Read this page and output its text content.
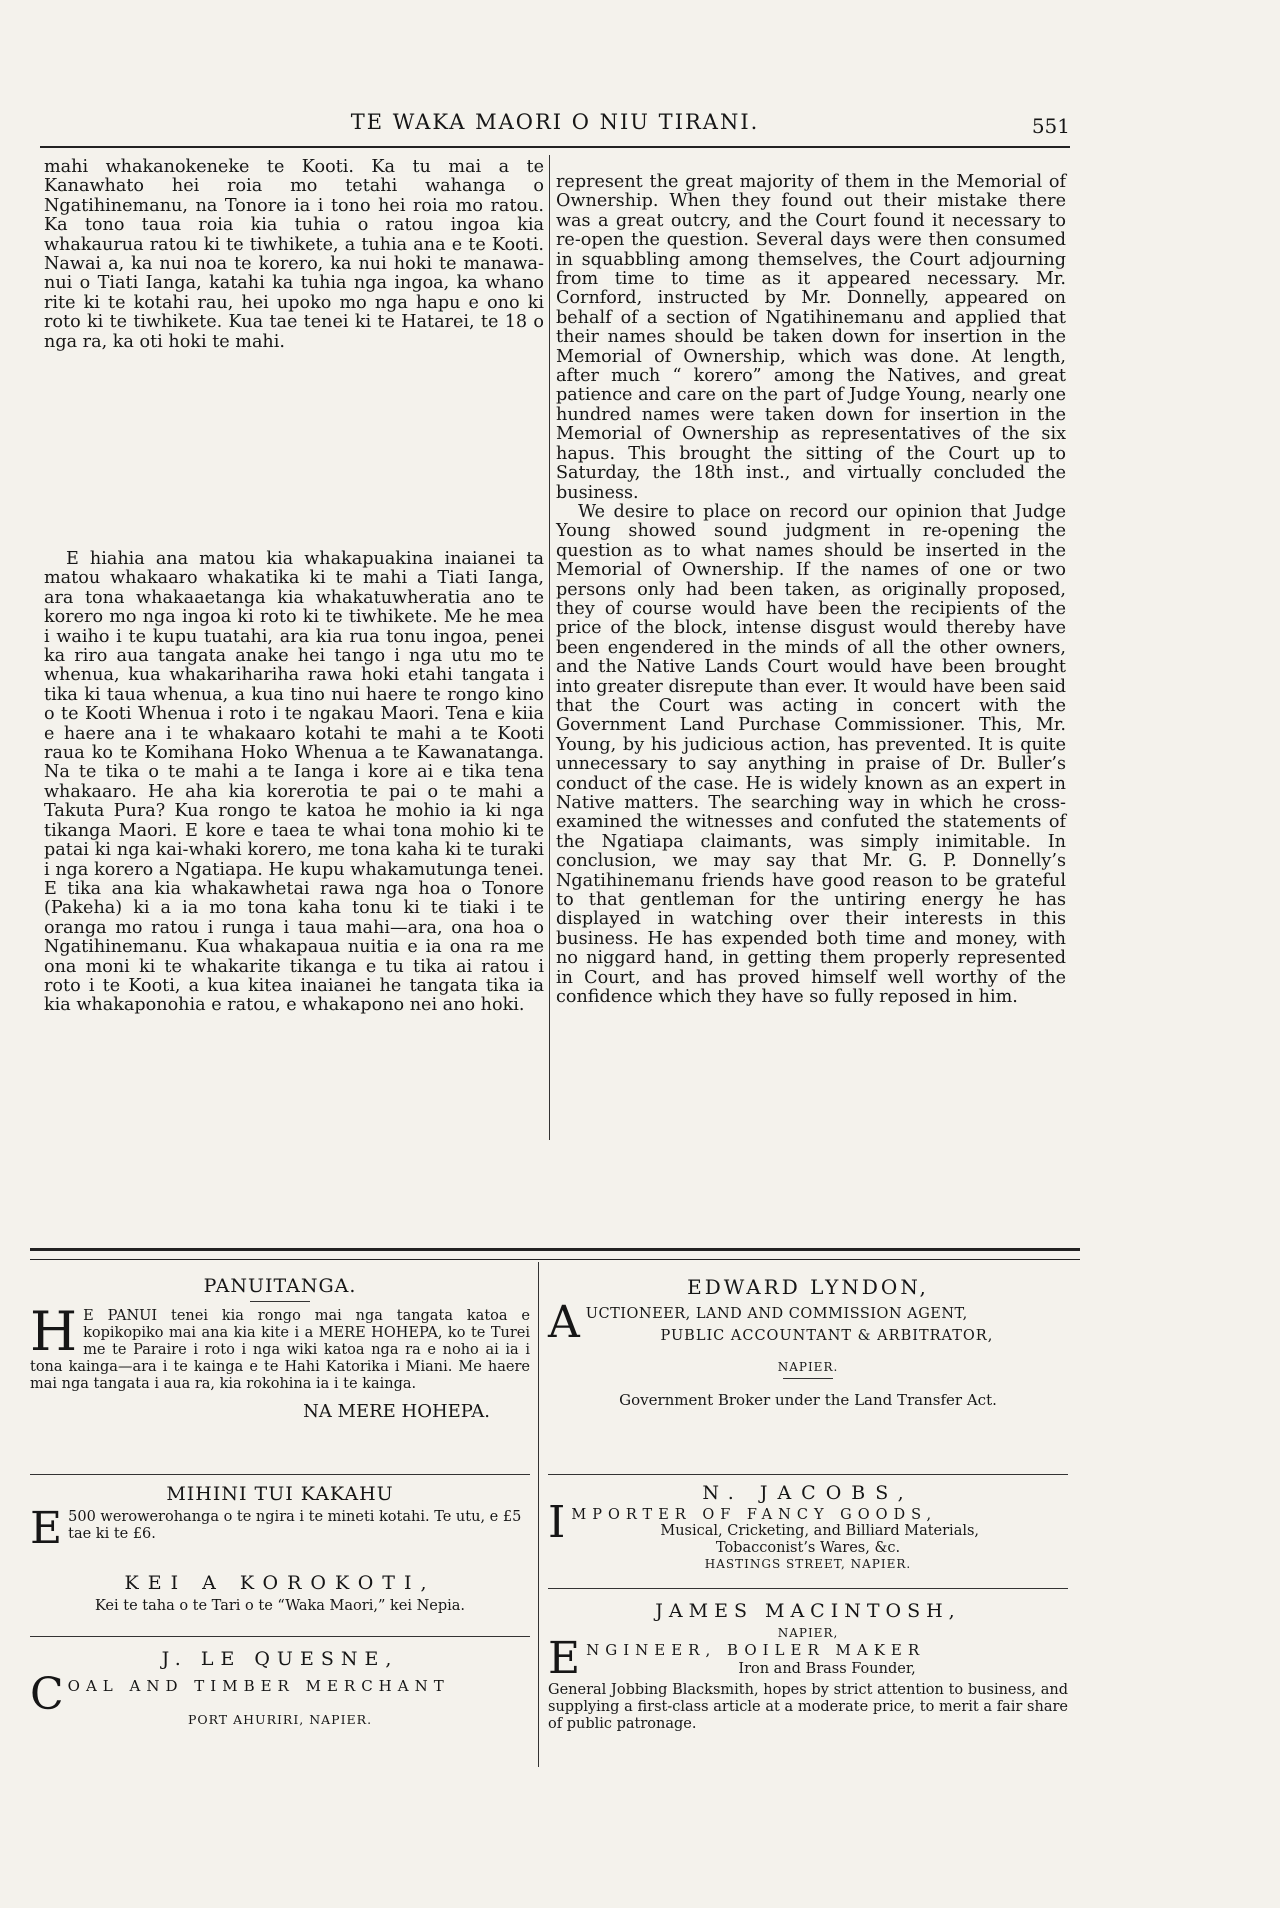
TE WAKA MAORI O NIU TIRANI.	551

mahi whakanokeneke te Kooti. Ka tu mai a te Kanawhato hei roia mo tetahi wahanga o Ngatihinemanu, na Tonore ia i tono hei roia mo ratou. Ka tono taua roia kia tuhia o ratou ingoa kia whakaurua ratou ki te tiwhikete, a tuhia ana e te Kooti. Nawai a, ka nui noa te korero, ka nui hoki te manawa-nui o Tiati Ianga, katahi ka tuhia nga ingoa, ka whano rite ki te kotahi rau, hei upoko mo nga hapu e ono ki roto ki te tiwhikete. Kua tae tenei ki te Hatarei, te 18 o nga ra, ka oti hoki te mahi.

E hiahia ana matou kia whakapuakina inaianei ta matou whakaaro whakatika ki te mahi a Tiati Ianga, ara tona whakaaetanga kia whakatuwheratia ano te korero mo nga ingoa ki roto ki te tiwhikete. Me he mea i waiho i te kupu tuatahi, ara kia rua tonu ingoa, penei ka riro aua tangata anake hei tango i nga utu mo te whenua, kua whakarihariha rawa hoki etahi tangata i tika ki taua whenua, a kua tino nui haere te rongo kino o te Kooti Whenua i roto i te ngakau Maori. Tena e kiia e haere ana i te whakaaro kotahi te mahi a te Kooti raua ko te Komihana Hoko Whenua a te Kawanatanga. Na te tika o te mahi a te Ianga i kore ai e tika tena whakaaro. He aha kia korerotia te pai o te mahi a Takuta Pura? Kua rongo te katoa he mohio ia ki nga tikanga Maori. E kore e taea te whai tona mohio ki te patai ki nga kai-whaki korero, me tona kaha ki te turaki i nga korero a Ngatiapa. He kupu whakamutunga tenei. E tika ana kia whakawhetai rawa nga hoa o Tonore (Pakeha) ki a ia mo tona kaha tonu ki te tiaki i te oranga mo ratou i runga i taua mahi—ara, ona hoa o Ngatihinemanu. Kua whakapaua nuitia e ia ona ra me ona moni ki te whakarite tikanga e tu tika ai ratou i roto i te Kooti, a kua kitea inaianei he tangata tika ia kia whakaponohia e ratou, e whakapono nei ano hoki.

represent the great majority of them in the Memorial of Ownership. When they found out their mistake there was a great outcry, and the Court found it necessary to re-open the question. Several days were then consumed in squabbling among themselves, the Court adjourning from time to time as it appeared necessary. Mr. Cornford, instructed by Mr. Donnelly, appeared on behalf of a section of Ngatihinemanu and applied that their names should be taken down for insertion in the Memorial of Ownership, which was done. At length, after much “ korero” among the Natives, and great patience and care on the part of Judge Young, nearly one hundred names were taken down for insertion in the Memorial of Ownership as representatives of the six hapus. This brought the sitting of the Court up to Saturday, the 18th inst., and virtually concluded the business.

We desire to place on record our opinion that Judge Young showed sound judgment in re-opening the question as to what names should be inserted in the Memorial of Ownership. If the names of one or two persons only had been taken, as originally proposed, they of course would have been the recipients of the price of the block, intense disgust would thereby have been engendered in the minds of all the other owners, and the Native Lands Court would have been brought into greater disrepute than ever. It would have been said that the Court was acting in concert with the Government Land Purchase Commissioner. This, Mr. Young, by his judicious action, has prevented. It is quite unnecessary to say anything in praise of Dr. Buller’s conduct of the case. He is widely known as an expert in Native matters. The searching way in which he cross-examined the witnesses and confuted the statements of the Ngatiapa claimants, was simply inimitable. In conclusion, we may say that Mr. G. P. Donnelly’s Ngatihinemanu friends have good reason to be grateful to that gentleman for the untiring energy he has displayed in watching over their interests in this business. He has expended both time and money, with no niggard hand, in getting them properly represented in Court, and has proved himself well worthy of the confidence which they have so fully reposed in him.

PANUITANGA.
H E PANUI tenei kia rongo mai nga tangata katoa e kopikopiko mai ana kia kite i a MERE HOHEPA, ko te Turei me te Paraire i roto i nga wiki katoa nga ra e noho ai ia i tona kainga—ara i te kainga e te Hahi Katorika i Miani. Me haere mai nga tangata i aua ra, kia rokohina ia i te kainga.
NA MERE HOHEPA.
MIHINI TUI KAKAHU
E 500 werowerohanga o te ngira i te mineti kotahi. Te utu, e £5 tae ki te £6.
KEI A KOROKOTI,
Kei te taha o te Tari o te “Waka Maori,” kei Nepia.
J. LE QUESNE,
C OAL AND TIMBER MERCHANT
PORT AHURIRI, NAPIER.
EDWARD LYNDON,
A UCTIONEER, LAND AND COMMISSION AGENT,
PUBLIC ACCOUNTANT & ARBITRATOR,
NAPIER.
Government Broker under the Land Transfer Act.
N. JACOBS,
I MPORTER OF FANCY GOODS,
Musical, Cricketing, and Billiard Materials,
Tobacconist’s Wares, &c.
HASTINGS STREET, NAPIER.
JAMES MACINTOSH,
NAPIER,
E NGINEER, BOILER MAKER
Iron and Brass Founder,
General Jobbing Blacksmith, hopes by strict attention to business, and supplying a first-class article at a moderate price, to merit a fair share of public patronage.
